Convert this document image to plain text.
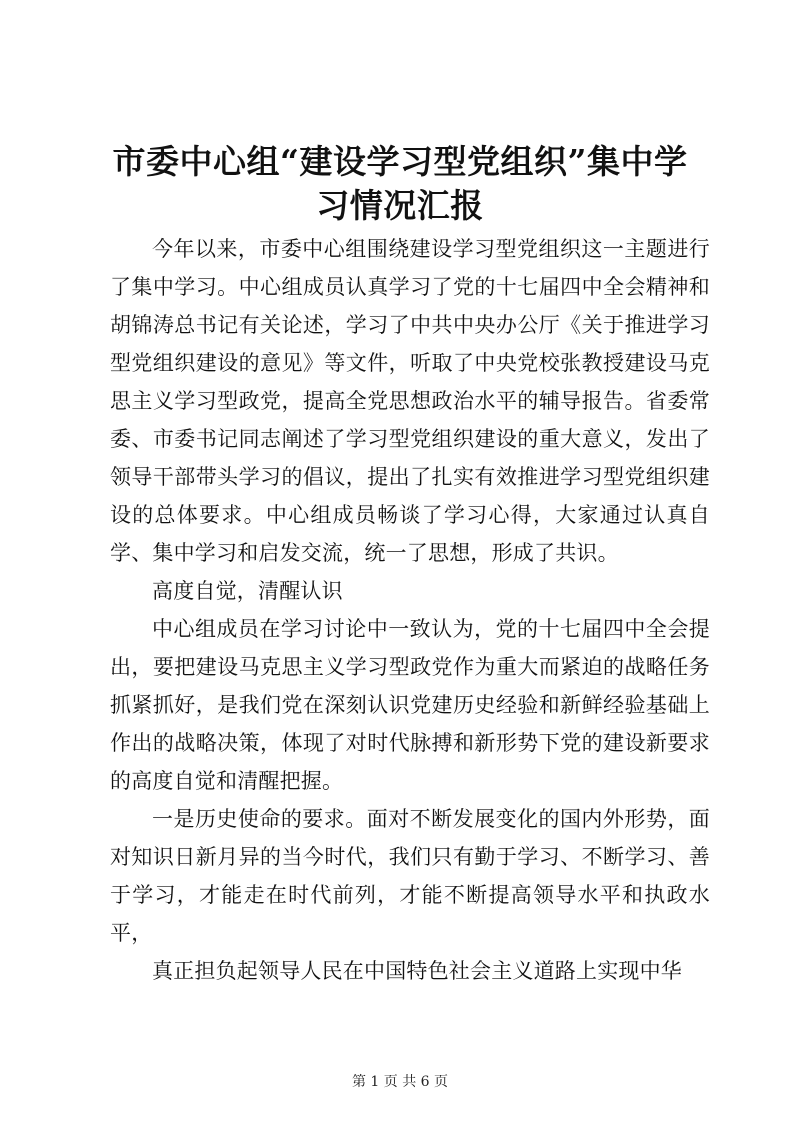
市委中心组“建设学习型党组织”集中学习情况汇报

今年以来，市委中心组围绕建设学习型党组织这一主题进行了集中学习。中心组成员认真学习了党的十七届四中全会精神和胡锦涛总书记有关论述，学习了中共中央办公厅《关于推进学习型党组织建设的意见》等文件，听取了中央党校张教授建设马克思主义学习型政党，提高全党思想政治水平的辅导报告。省委常委、市委书记同志阐述了学习型党组织建设的重大意义，发出了领导干部带头学习的倡议，提出了扎实有效推进学习型党组织建设的总体要求。中心组成员畅谈了学习心得，大家通过认真自学、集中学习和启发交流，统一了思想，形成了共识。

高度自觉，清醒认识

中心组成员在学习讨论中一致认为，党的十七届四中全会提出，要把建设马克思主义学习型政党作为重大而紧迫的战略任务抓紧抓好，是我们党在深刻认识党建历史经验和新鲜经验基础上作出的战略决策，体现了对时代脉搏和新形势下党的建设新要求的高度自觉和清醒把握。

一是历史使命的要求。面对不断发展变化的国内外形势，面对知识日新月异的当今时代，我们只有勤于学习、不断学习、善于学习，才能走在时代前列，才能不断提高领导水平和执政水平，

真正担负起领导人民在中国特色社会主义道路上实现中华

第 1 页 共 6 页
